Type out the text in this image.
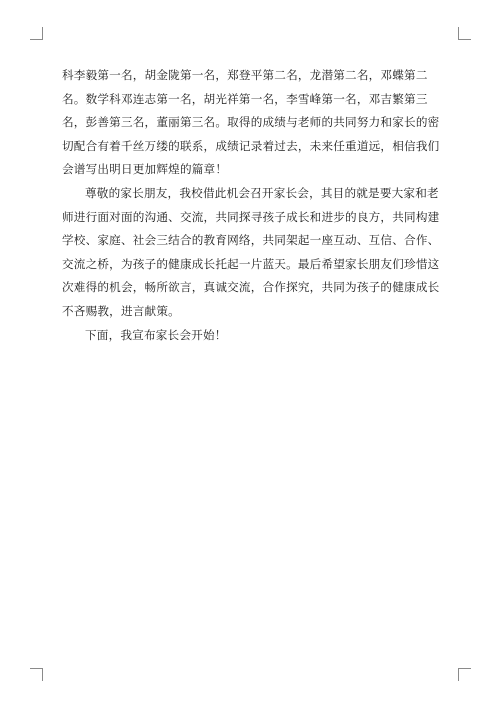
科李毅第一名，胡金陇第一名，郑登平第二名，龙潜第二名，邓蝶第二名。数学科邓连志第一名，胡光祥第一名，李雪峰第一名，邓吉繁第三名，彭善第三名，董丽第三名。取得的成绩与老师的共同努力和家长的密切配合有着千丝万缕的联系，成绩记录着过去，未来任重道远，相信我们会谱写出明日更加辉煌的篇章！

尊敬的家长朋友，我校借此机会召开家长会，其目的就是要大家和老师进行面对面的沟通、交流，共同探寻孩子成长和进步的良方，共同构建学校、家庭、社会三结合的教育网络，共同架起一座互动、互信、合作、交流之桥，为孩子的健康成长托起一片蓝天。最后希望家长朋友们珍惜这次难得的机会，畅所欲言，真诚交流，合作探究，共同为孩子的健康成长不吝赐教，进言献策。

下面，我宣布家长会开始！
